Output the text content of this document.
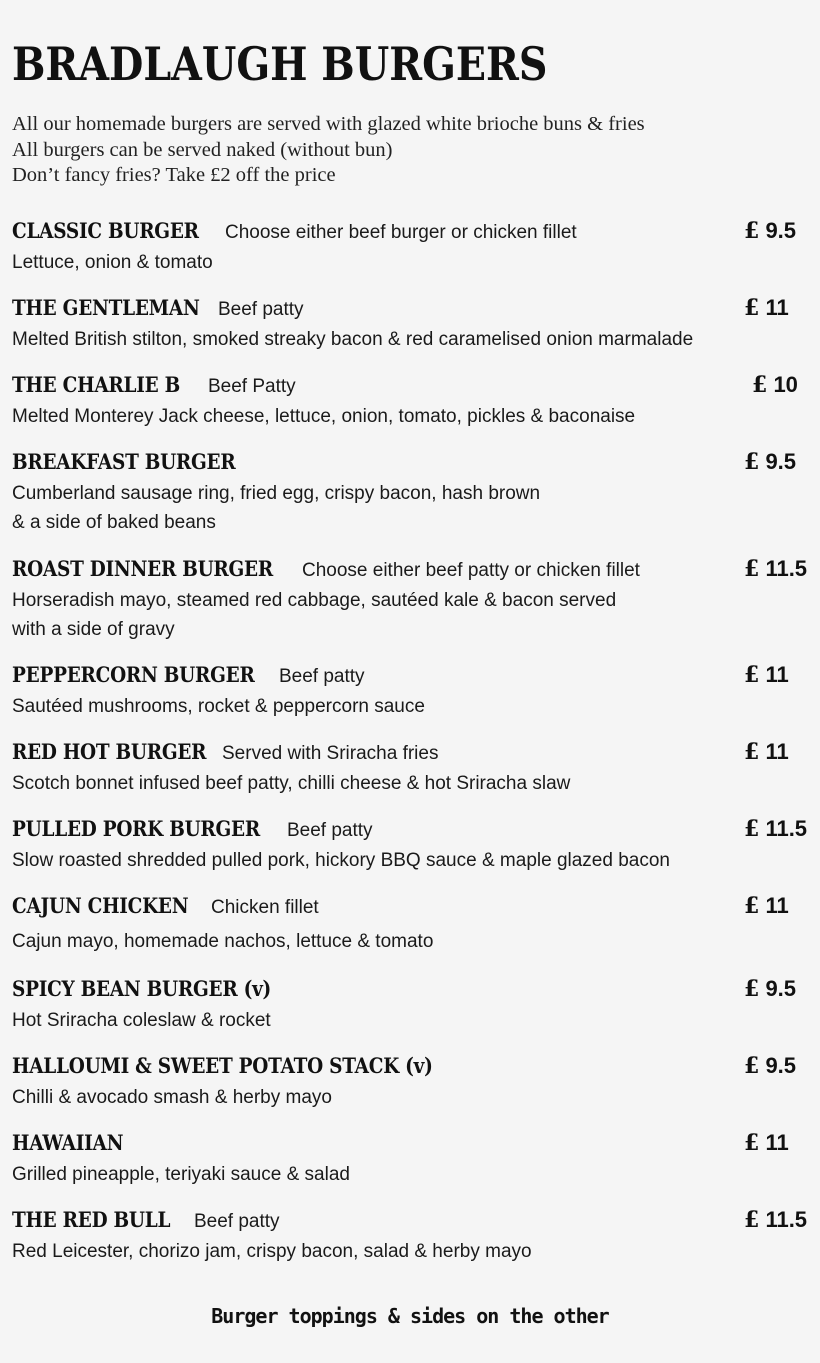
BRADLAUGH BURGERS
All our homemade burgers are served with glazed white brioche buns & fries
All burgers can be served naked (without bun)
Don’t fancy fries? Take £2 off the price
CLASSIC BURGER Choose either beef burger or chicken fillet	£ 9.5
Lettuce, onion & tomato
THE GENTLEMAN Beef patty	£ 11
Melted British stilton, smoked streaky bacon & red caramelised onion marmalade
THE CHARLIE B Beef Patty	£ 10
Melted Monterey Jack cheese, lettuce, onion, tomato, pickles & baconaise
BREAKFAST BURGER	£ 9.5
Cumberland sausage ring, fried egg, crispy bacon, hash brown
& a side of baked beans
ROAST DINNER BURGER Choose either beef patty or chicken fillet	£ 11.5
Horseradish mayo, steamed red cabbage, sautéed kale & bacon served
with a side of gravy
PEPPERCORN BURGER Beef patty	£ 11
Sautéed mushrooms, rocket & peppercorn sauce
RED HOT BURGER Served with Sriracha fries	£ 11
Scotch bonnet infused beef patty, chilli cheese & hot Sriracha slaw
PULLED PORK BURGER Beef patty	£ 11.5
Slow roasted shredded pulled pork, hickory BBQ sauce & maple glazed bacon
CAJUN CHICKEN Chicken fillet	£ 11
Cajun mayo, homemade nachos, lettuce & tomato
SPICY BEAN BURGER (v)	£ 9.5
Hot Sriracha coleslaw & rocket
HALLOUMI & SWEET POTATO STACK (v)	£ 9.5
Chilli & avocado smash & herby mayo
HAWAIIAN	£ 11
Grilled pineapple, teriyaki sauce & salad
THE RED BULL Beef patty	£ 11.5
Red Leicester, chorizo jam, crispy bacon, salad & herby mayo
Burger toppings & sides on the other
